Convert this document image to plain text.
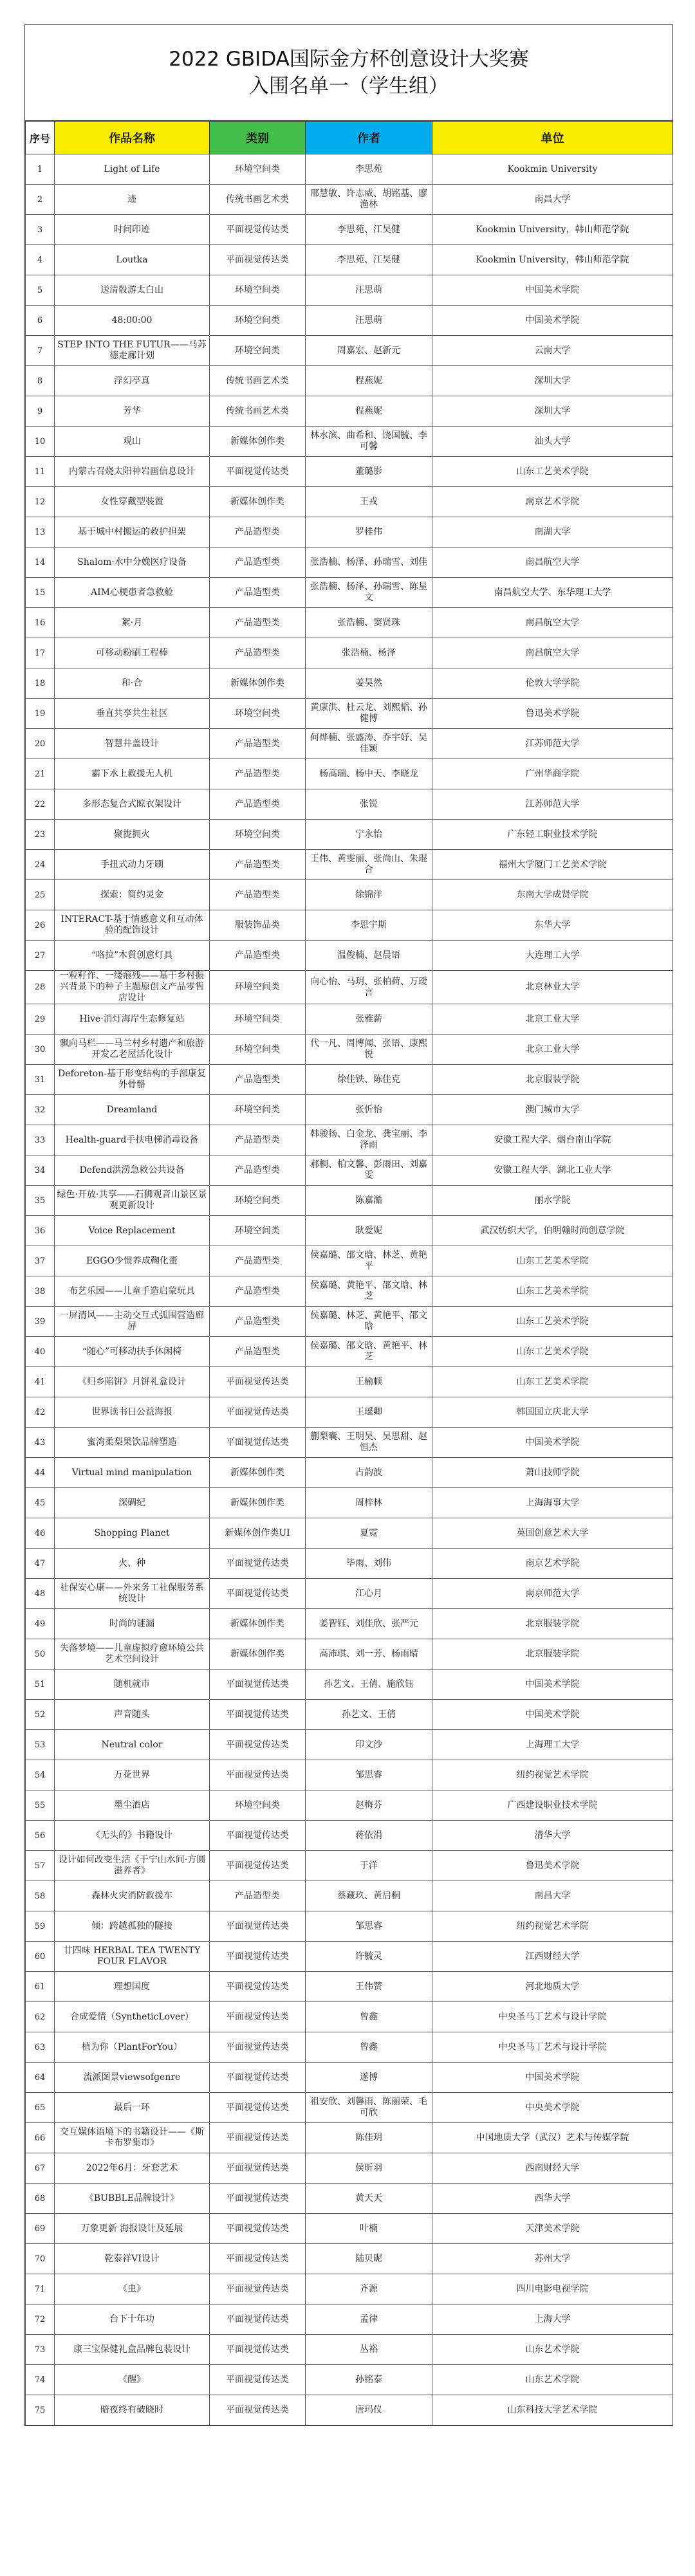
2022 GBIDA国际金方杯创意设计大奖赛
入围名单一（学生组）
序号	作品名称	类别	作者	单位
1	Light of Life	环境空间类	李思苑	Kookmin University
2	迹	传统书画艺术类	邢慧敏、许志威、胡铭基、廖渔林	南昌大学
3	时间印迹	平面视觉传达类	李思苑、江昊健	Kookmin University，韩山师范学院
4	Loutka	平面视觉传达类	李思苑、江昊健	Kookmin University，韩山师范学院
5	送清骰游太白山	环境空间类	汪思萌	中国美术学院
6	48:00:00	环境空间类	汪思萌	中国美术学院
7	STEP INTO THE FUTUR——马苏德走廊计划	环境空间类	周嘉宏、赵新元	云南大学
8	浮幻亭真	传统书画艺术类	程燕妮	深圳大学
9	芳华	传统书画艺术类	程燕妮	深圳大学
10	观山	新媒体创作类	林水滨、曲希和、饶国毓、李可馨	汕头大学
11	内蒙古召烧太阳神岩画信息设计	平面视觉传达类	董璐影	山东工艺美术学院
12	女性穿戴型装置	新媒体创作类	王戎	南京艺术学院
13	基于城中村搬运的救护担架	产品造型类	罗桂伟	南湖大学
14	Shalom·水中分娩医疗设备	产品造型类	张浩楠、杨泽、孙瑞雪、刘佳	南昌航空大学
15	AIM心梗患者急救舱	产品造型类	张浩楠、杨泽、孙瑞雪、陈星文	南昌航空大学、东华理工大学
16	絮·月	产品造型类	张浩楠、窦贤珠	南昌航空大学
17	可移动粉刷工程棒	产品造型类	张浩楠、杨泽	南昌航空大学
18	和·合	新媒体创作类	姜昊然	伦敦大学学院
19	垂直共享共生社区	环境空间类	黄康洪、杜云龙、刘熙韬、孙健博	鲁迅美术学院
20	智慧井盖设计	产品造型类	何烨楠、张盛涛、乔宇妤、吴佳颖	江苏师范大学
21	霸下水上救援无人机	产品造型类	杨高瑞、杨中天、李晓龙	广州华商学院
22	多形态复合式晾衣架设计	产品造型类	张锐	江苏师范大学
23	聚拢拥火	环境空间类	宁永怡	广东轻工职业技术学院
24	手扭式动力牙刷	产品造型类	王伟、黄雯丽、张尚山、朱琨合	福州大学厦门工艺美术学院
25	探索：简约灵金	产品造型类	徐锦洋	东南大学成贤学院
26	INTERACT-基于情感意义和互动体验的配饰设计	服装饰品类	李思宇斯	东华大学
27	“咯拉”木質创意灯具	产品造型类	温俊楠、赵晨语	大连理工大学
28	一粒籽作、一缕痕残——基于乡村振兴背景下的种子主题原创文产品零售店设计	环境空间类	向心怡、马玥、张柏荷、万瑷言	北京林业大学
29	Hive·消灯海岸生态修复站	环境空间类	张雅薪	北京工业大学
30	飘向马栏——马兰村乡村遗产和旅游开发乙老屋活化设计	环境空间类	代一凡、周博闻、张语、康熙悦	北京工业大学
31	Deforeton-基于形变结构的手部康复外骨骼	产品造型类	徐佳铁、陈佳克	北京服装学院
32	Dreamland	环境空间类	张忻怡	澳门城市大学
33	Health-guard手扶电梯消毒设备	产品造型类	韩骏扬、白金龙、龚宝丽、李泽雨	安徽工程大学、烟台南山学院
34	Defend洪涝急救公共设备	产品造型类	郝桐、柏文馨、彭雨田、刘嘉雯	安徽工程大学、湖北工业大学
35	绿色·开放·共享——石狮观音山景区景观更新设计	环境空间类	陈嘉澔	丽水学院
36	Voice Replacement	环境空间类	耿爱妮	武汉纺织大学，伯明翰时尚创意学院
37	EGGO少惯养成鞠化蛋	产品造型类	侯嘉璐、邵文晗、林芝、黄艳平	山东工艺美术学院
38	布艺乐园——儿童手造启蒙玩具	产品造型类	侯嘉璐、黄艳平、邵文晗、林芝	山东工艺美术学院
39	一屏清风——主动交互式弧围营造廊屏	产品造型类	侯嘉璐、林芝、黄艳平、邵文晗	山东工艺美术学院
40	“随心”可移动扶手休闲椅	产品造型类	侯嘉璐、邵文晗、黄艳平、林芝	山东工艺美术学院
41	《归乡陷饼》月饼礼盒设计	平面视觉传达类	王榆顿	山东工艺美术学院
42	世界读书日公益海报	平面视觉传达类	王瑶卿	韩国国立庆北大学
43	蜜湾柔梨果饮品牌塑造	平面视觉传达类	蒯梨囊、王明昊、吴思甜、赵恒杰	中国美术学院
44	Virtual mind manipulation	新媒体创作类	占韵波	萧山技师学院
45	深碉纪	新媒体创作类	周梓林	上海海事大学
46	Shopping Planet	新媒体创作类UI	夏霓	英国创意艺术大学
47	火、种	平面视觉传达类	毕雨、刘伟	南京艺术学院
48	社保安心康——外来务工社保服务系统设计	平面视觉传达类	江心月	南京师范大学
49	时尚的谜漏	新媒体创作类	姜智钰、刘佳欣、张严元	北京服装学院
50	失落梦境——儿童虚拟疗愈环境公共艺术空间设计	新媒体创作类	高沛琪、刘一芳、杨雨晴	北京服装学院
51	随机就市	平面视觉传达类	孙艺文、王倩、施欣钰	中国美术学院
52	声音随头	平面视觉传达类	孙艺文、王倩	中国美术学院
53	Neutral color	平面视觉传达类	印文沙	上海理工大学
54	万花世界	平面视觉传达类	邹思睿	纽约视觉艺术学院
55	墨尘酒店	环境空间类	赵梅芬	广西建设职业技术学院
56	《无头的》书籍设计	平面视觉传达类	蒋依涓	清华大学
57	设计如何改变生活《于宁山水间·方圆滋养者》	平面视觉传达类	于洋	鲁迅美术学院
58	森林火灾消防救援车	产品造型类	蔡藏玖、黄启桐	南昌大学
59	倾：跨越孤独的隧接	平面视觉传达类	邹思睿	纽约视觉艺术学院
60	廿四味 HERBAL TEA TWENTY FOUR FLAVOR	平面视觉传达类	许毓灵	江西财经大学
61	理想国度	平面视觉传达类	王伟赞	河北地质大学
62	合成爱情（SyntheticLover）	平面视觉传达类	曾鑫	中央圣马丁艺术与设计学院
63	植为你（PlantForYou）	平面视觉传达类	曾鑫	中央圣马丁艺术与设计学院
64	流派图景viewsofgenre	平面视觉传达类	遂博	中国美术学院
65	最后一环	平面视觉传达类	祖安欣、刘馨雨、陈丽荣、毛可欣	中央美术学院
66	交互媒体语境下的书籍设计——《斯卡布罗集市》	平面视觉传达类	陈佳玥	中国地质大学（武汉）艺术与传媒学院
67	2022年6月：牙套艺术	平面视觉传达类	侯昕羽	西南财经大学
68	《BUBBLE品牌设计》	平面视觉传达类	黄天天	西华大学
69	万象更新 海报设计及延展	平面视觉传达类	叶楠	天津美术学院
70	乾泰祥VI设计	平面视觉传达类	陆贝昵	苏州大学
71	《虫》	平面视觉传达类	齐源	四川电影电视学院
72	台下十年功	平面视觉传达类	孟律	上海大学
73	康三宝保健礼盒品牌包装设计	平面视觉传达类	丛裕	山东艺术学院
74	《醒》	平面视觉传达类	孙铭泰	山东艺术学院
75	暗夜终有破晓时	平面视觉传达类	唐玛仪	山东科技大学艺术学院
